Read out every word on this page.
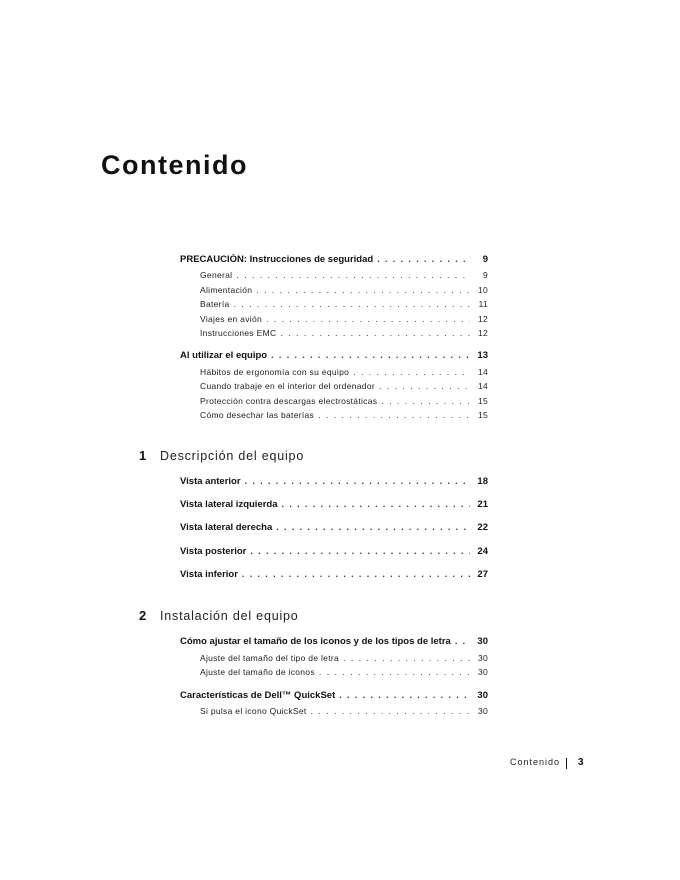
Contenido
PRECAUCIÓN: Instrucciones de seguridad . . .	9
General . . .	9
Alimentación . . .	10
Batería . . .	11
Viajes en avión . . .	12
Instrucciones EMC . . .	12
Al utilizar el equipo . . .	13
Hábitos de ergonomía con su equipo . . .	14
Cuando trabaje en el interior del ordenador . . .	14
Protección contra descargas electrostáticas . . .	15
Cómo desechar las baterías . . .	15
1	Descripción del equipo
Vista anterior . . .	18
Vista lateral izquierda . . .	21
Vista lateral derecha . . .	22
Vista posterior . . .	24
Vista inferior . . .	27
2	Instalación del equipo
Cómo ajustar el tamaño de los iconos y de los tipos de letra . . .	30
Ajuste del tamaño del tipo de letra . . .	30
Ajuste del tamaño de iconos . . .	30
Características de Dell™ QuickSet . . .	30
Si pulsa el icono QuickSet . . .	30
Contenido 3
